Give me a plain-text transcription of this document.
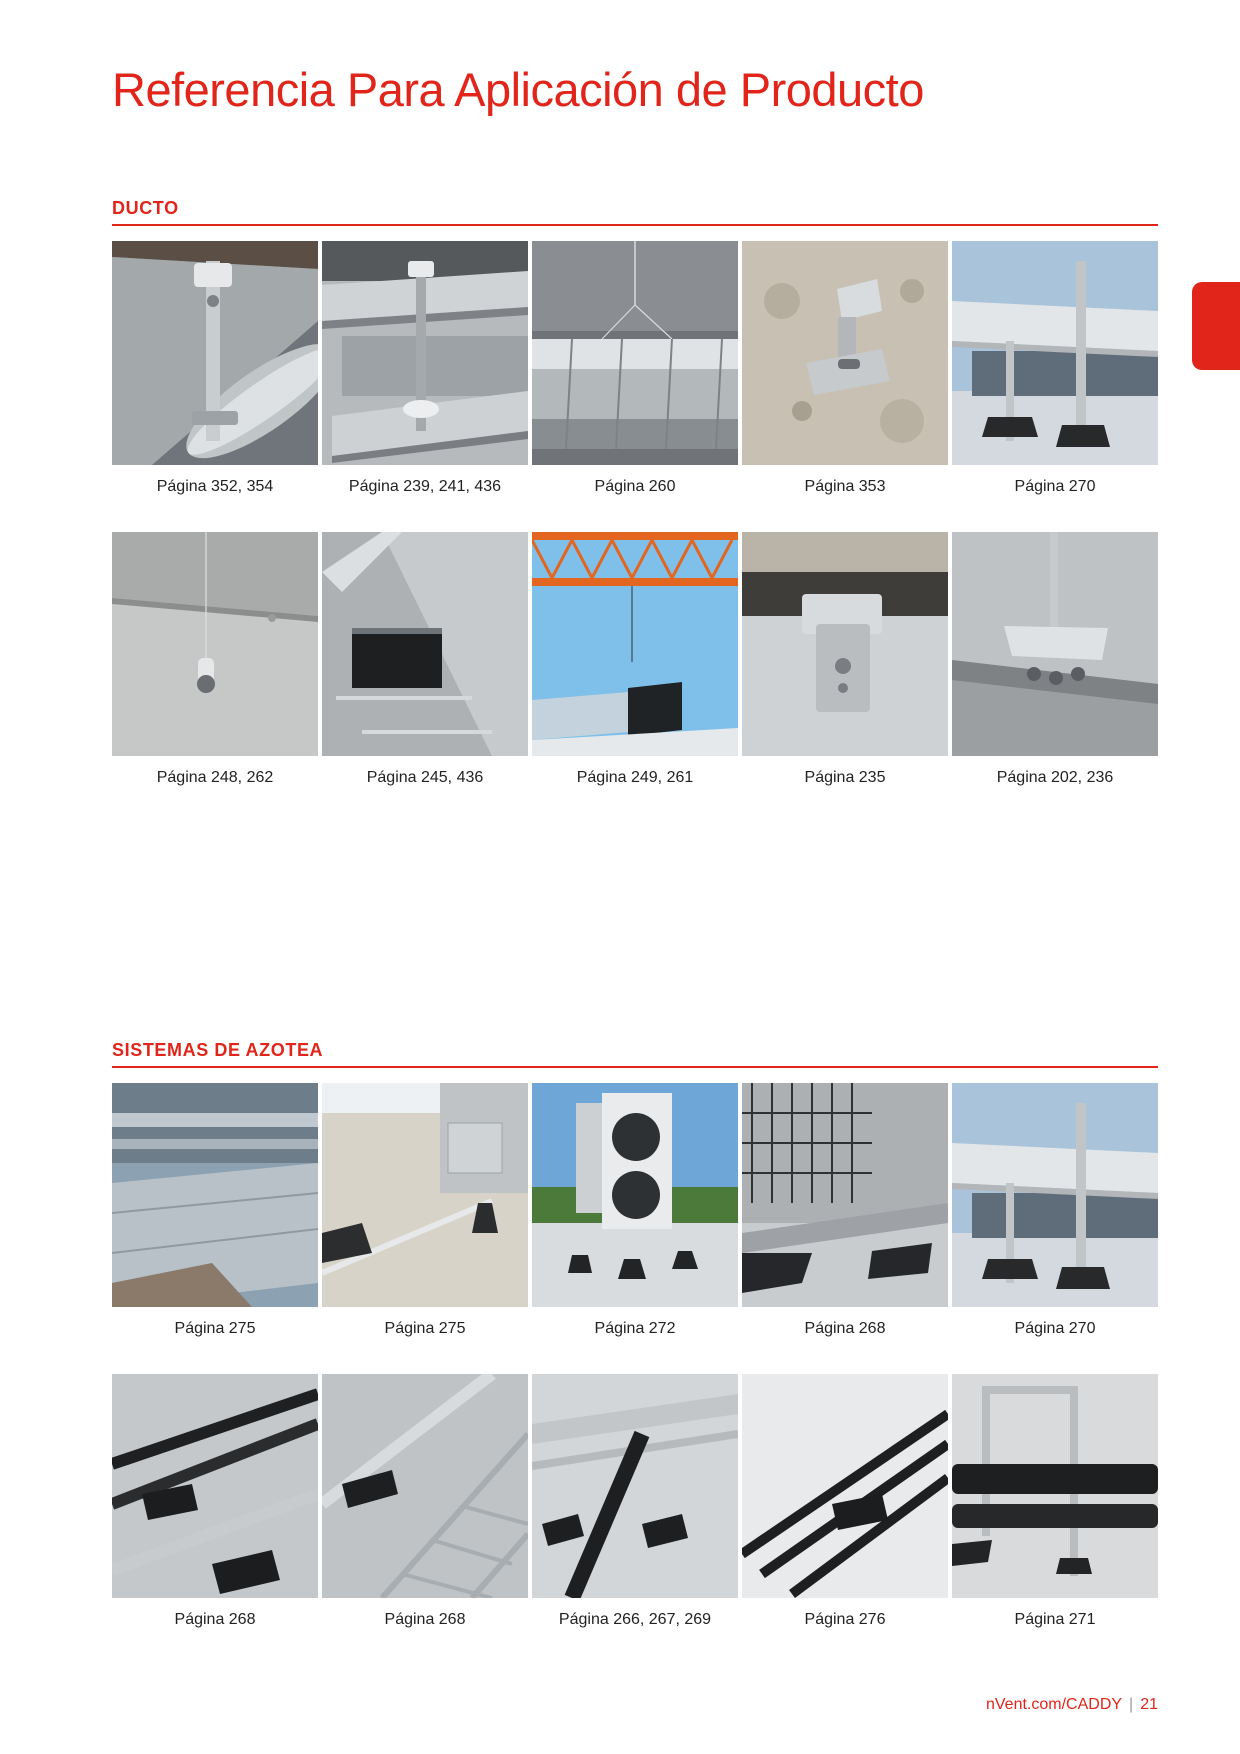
Referencia Para Aplicación de Producto
DUCTO
Página 352, 354	Página 239, 241, 436	Página 260	Página 353	Página 270
Página 248, 262	Página 245, 436	Página 249, 261	Página 235	Página 202, 236
SISTEMAS DE AZOTEA
Página 275	Página 275	Página 272	Página 268	Página 270
Página 268	Página 268	Página 266, 267, 269	Página 276	Página 271
nVent.com/CADDY | 21
